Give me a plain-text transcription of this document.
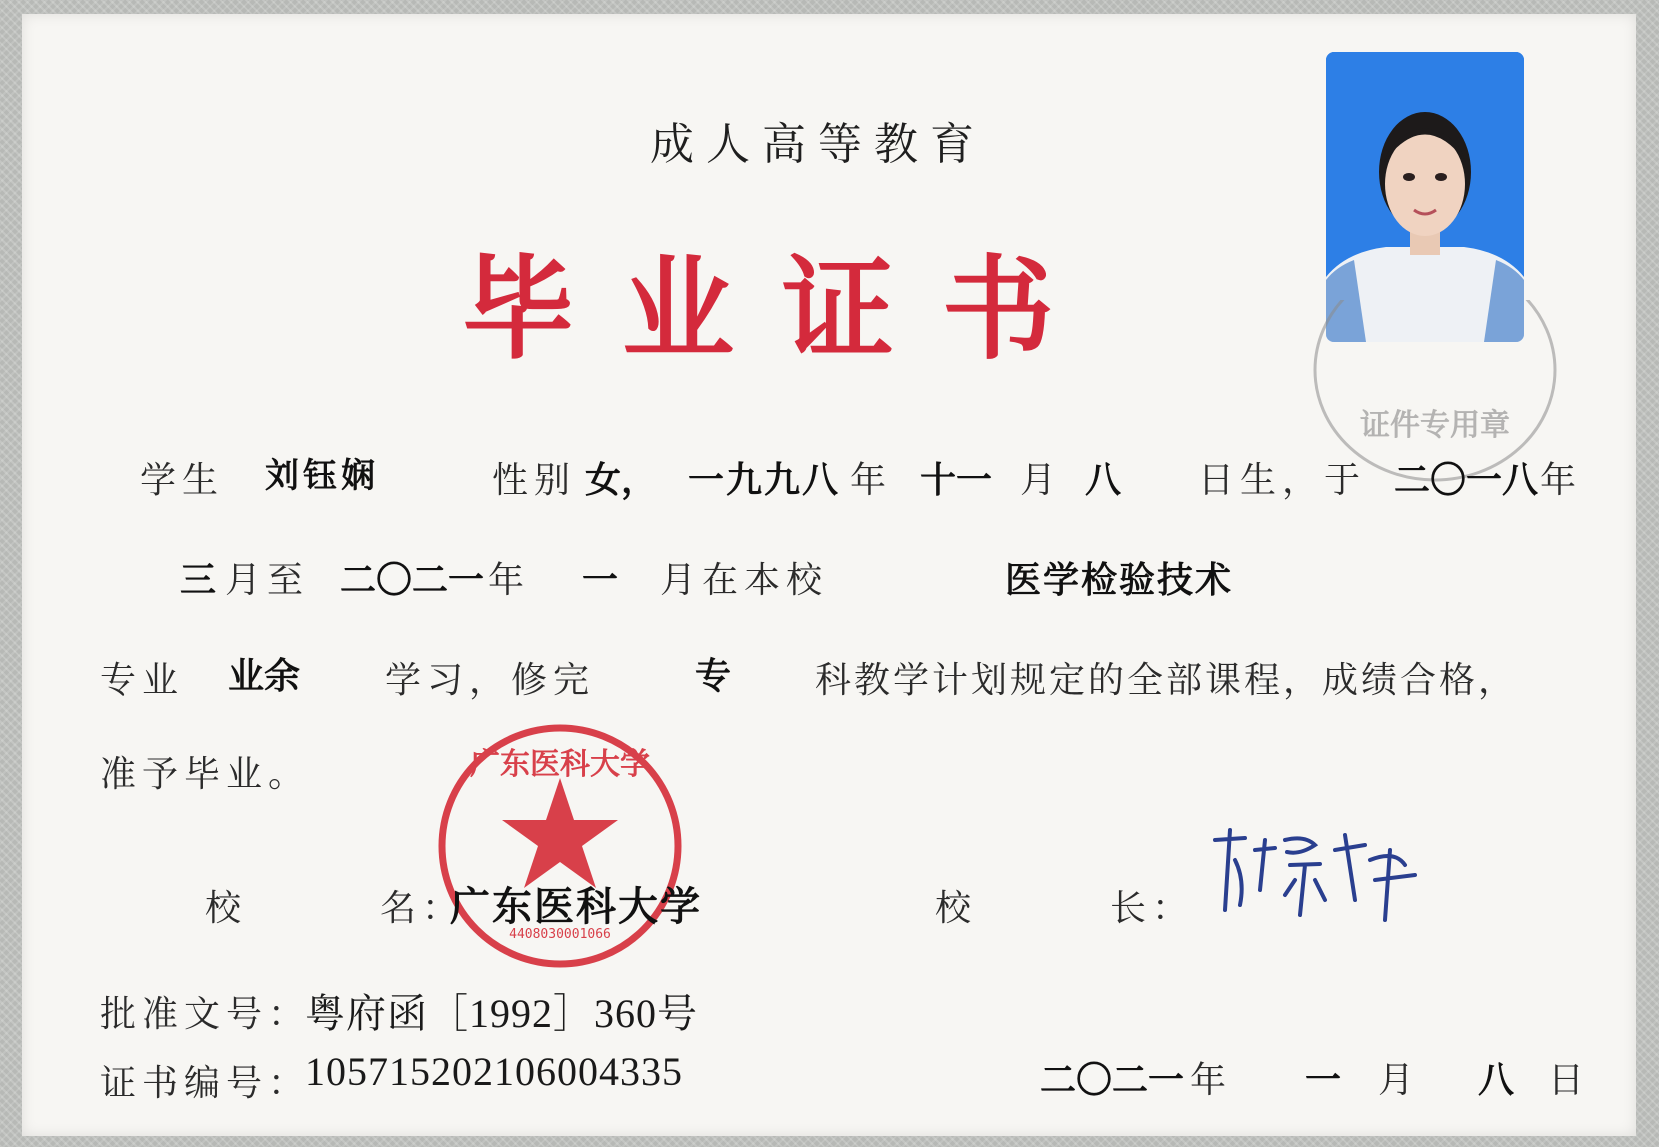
成人高等教育
毕业证书
证件专用章
学生 刘钰娴	性别 女， 一九九八 年 十一 月 八 日生，于 二〇一八 年
三 月至 二〇二一 年 一 月在本校	医学检验技术
专业 业余 学习，修完	专 科教学计划规定的全部课程，成绩合格，
准予毕业。	广东医科大学
4408030001066
校	名：
广东医科大学	校	长：
批准文号：
粤府函［1992］360号
证书编号：
105715202106004335	二〇二一 年 一 月 八 日
